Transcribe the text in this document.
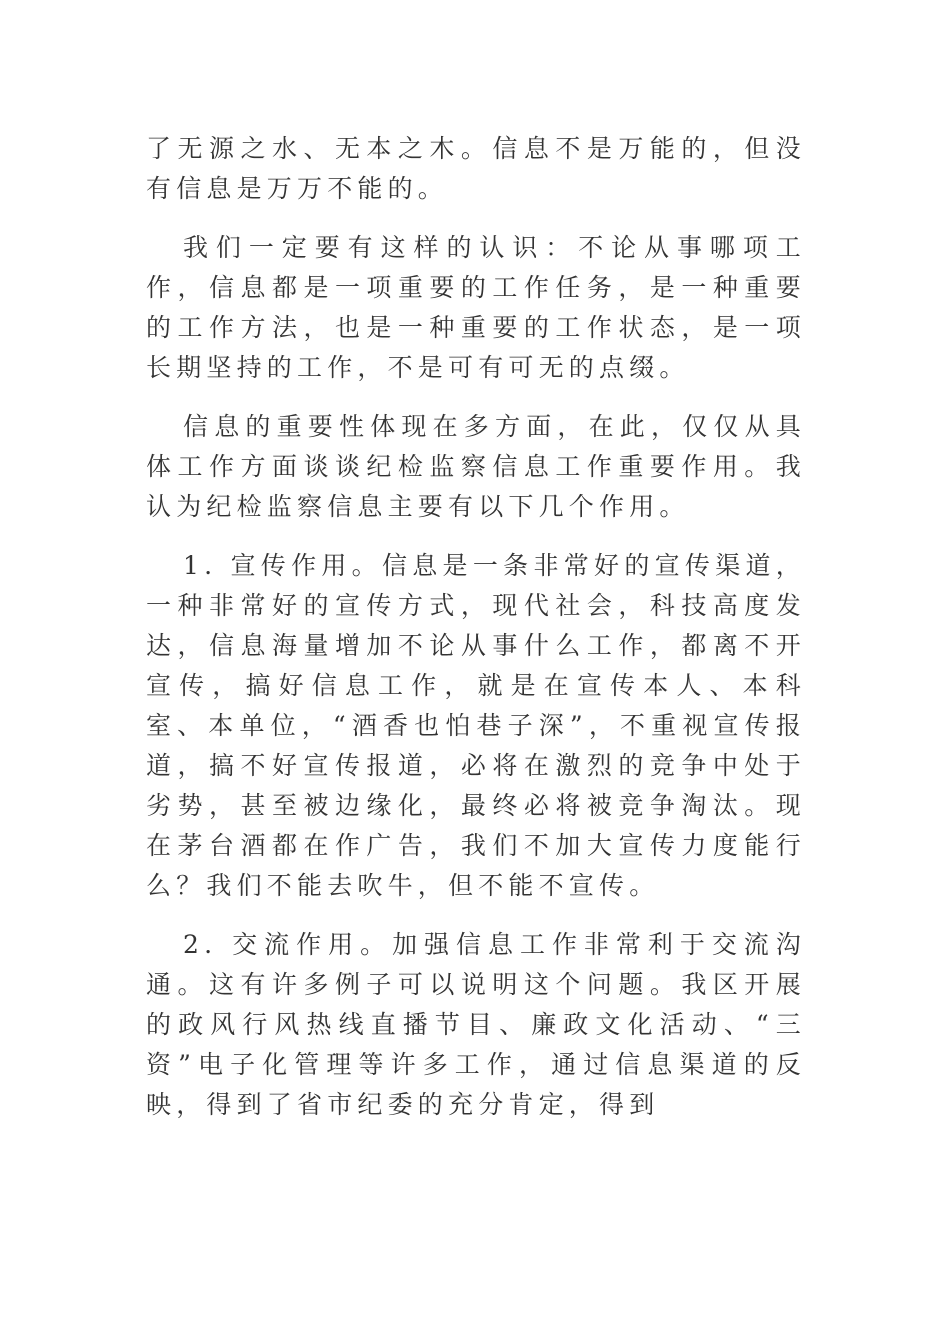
了无源之水、无本之木。信息不是万能的，但没有信息是万万不能的。

我们一定要有这样的认识：不论从事哪项工作，信息都是一项重要的工作任务，是一种重要的工作方法，也是一种重要的工作状态，是一项长期坚持的工作，不是可有可无的点缀。

信息的重要性体现在多方面，在此，仅仅从具体工作方面谈谈纪检监察信息工作重要作用。我认为纪检监察信息主要有以下几个作用。

1. 宣传作用。信息是一条非常好的宣传渠道，一种非常好的宣传方式，现代社会，科技高度发达，信息海量增加不论从事什么工作，都离不开宣传，搞好信息工作，就是在宣传本人、本科室、本单位，“酒香也怕巷子深”，不重视宣传报道，搞不好宣传报道，必将在激烈的竞争中处于劣势，甚至被边缘化，最终必将被竞争淘汰。现在茅台酒都在作广告，我们不加大宣传力度能行么？我们不能去吹牛，但不能不宣传。

2. 交流作用。加强信息工作非常利于交流沟通。这有许多例子可以说明这个问题。我区开展的政风行风热线直播节目、廉政文化活动、“三资”电子化管理等许多工作，通过信息渠道的反映，得到了省市纪委的充分肯定，得到
